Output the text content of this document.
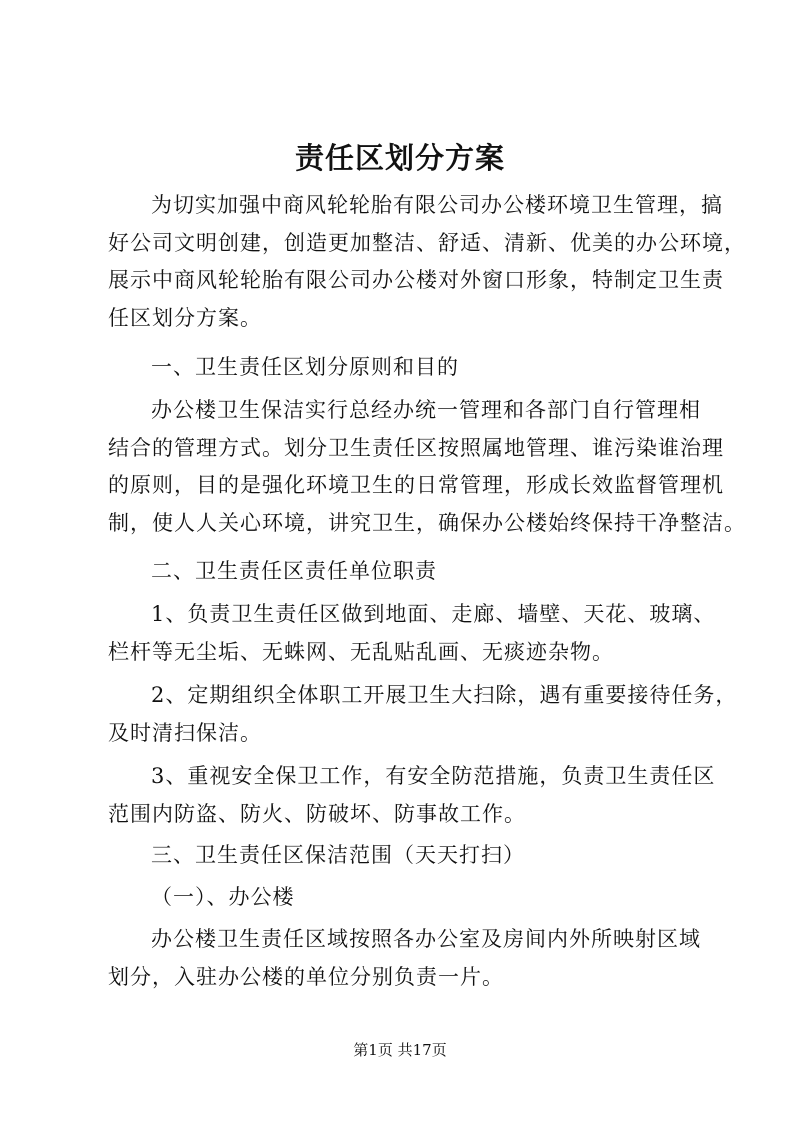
责任区划分方案
为切实加强中商风轮轮胎有限公司办公楼环境卫生管理，搞
好公司文明创建，创造更加整洁、舒适、清新、优美的办公环境，
展示中商风轮轮胎有限公司办公楼对外窗口形象，特制定卫生责
任区划分方案。
一、卫生责任区划分原则和目的
办公楼卫生保洁实行总经办统一管理和各部门自行管理相
结合的管理方式。划分卫生责任区按照属地管理、谁污染谁治理
的原则，目的是强化环境卫生的日常管理，形成长效监督管理机
制，使人人关心环境，讲究卫生，确保办公楼始终保持干净整洁。
二、卫生责任区责任单位职责
1、负责卫生责任区做到地面、走廊、墙壁、天花、玻璃、
栏杆等无尘垢、无蛛网、无乱贴乱画、无痰迹杂物。
2、定期组织全体职工开展卫生大扫除，遇有重要接待任务，
及时清扫保洁。
3、重视安全保卫工作，有安全防范措施，负责卫生责任区
范围内防盗、防火、防破坏、防事故工作。
三、卫生责任区保洁范围（天天打扫）
（一）、办公楼
办公楼卫生责任区域按照各办公室及房间内外所映射区域
划分，入驻办公楼的单位分别负责一片。
第1页 共17页
